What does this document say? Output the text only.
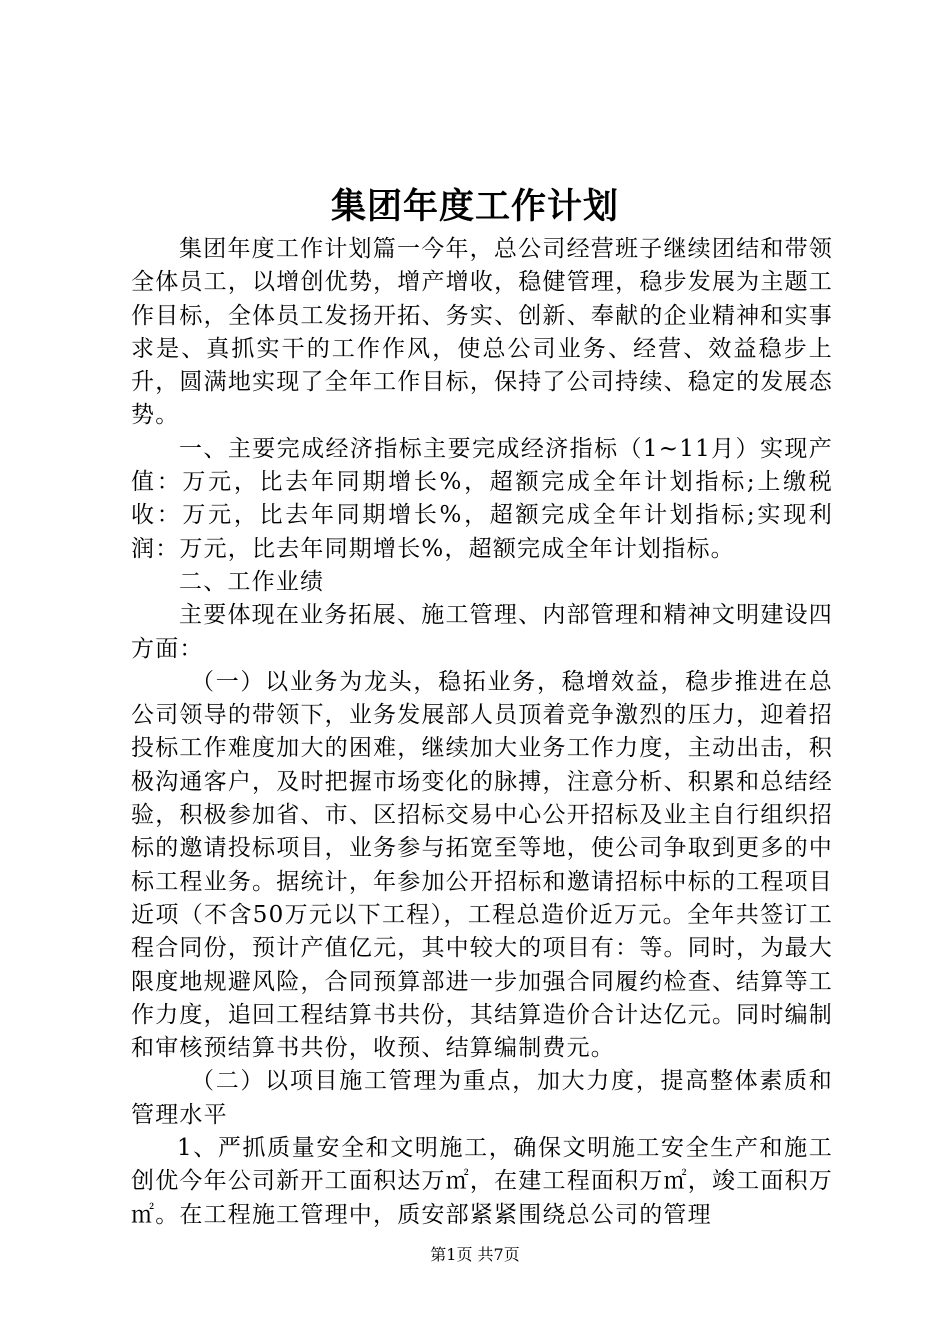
集团年度工作计划

集团年度工作计划篇一今年，总公司经营班子继续团结和带领全体员工，以增创优势，增产增收，稳健管理，稳步发展为主题工作目标，全体员工发扬开拓、务实、创新、奉献的企业精神和实事求是、真抓实干的工作作风，使总公司业务、经营、效益稳步上升，圆满地实现了全年工作目标，保持了公司持续、稳定的发展态势。

一、主要完成经济指标主要完成经济指标（1~11月）实现产值：万元，比去年同期增长%，超额完成全年计划指标;上缴税收：万元，比去年同期增长%，超额完成全年计划指标;实现利润：万元，比去年同期增长%，超额完成全年计划指标。

二、工作业绩

主要体现在业务拓展、施工管理、内部管理和精神文明建设四方面：

（一）以业务为龙头，稳拓业务，稳增效益，稳步推进在总公司领导的带领下，业务发展部人员顶着竞争激烈的压力，迎着招投标工作难度加大的困难，继续加大业务工作力度，主动出击，积极沟通客户，及时把握市场变化的脉搏，注意分析、积累和总结经验，积极参加省、市、区招标交易中心公开招标及业主自行组织招标的邀请投标项目，业务参与拓宽至等地，使公司争取到更多的中标工程业务。据统计，年参加公开招标和邀请招标中标的工程项目近项（不含50万元以下工程），工程总造价近万元。全年共签订工程合同份，预计产值亿元，其中较大的项目有：等。同时，为最大限度地规避风险，合同预算部进一步加强合同履约检查、结算等工作力度，追回工程结算书共份，其结算造价合计达亿元。同时编制和审核预结算书共份，收预、结算编制费元。

（二）以项目施工管理为重点，加大力度，提高整体素质和管理水平

1、严抓质量安全和文明施工，确保文明施工安全生产和施工创优今年公司新开工面积达万㎡，在建工程面积万㎡，竣工面积万㎡。在工程施工管理中，质安部紧紧围绕总公司的管理

第1页 共7页
